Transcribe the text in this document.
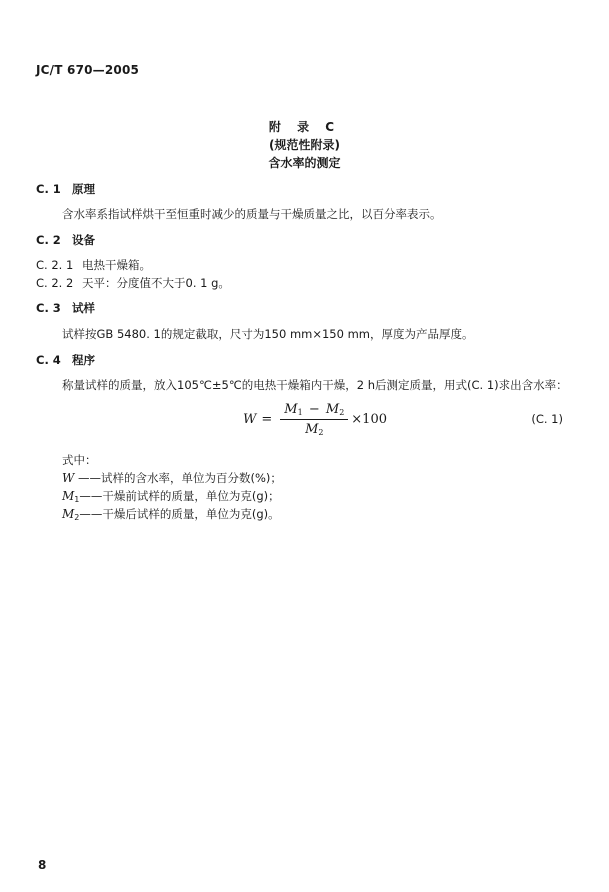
JC/T 670—2005
附 录 C
(规范性附录)
含水率的测定
C. 1 原理
含水率系指试样烘干至恒重时减少的质量与干燥质量之比，以百分率表示。
C. 2 设备
C. 2. 1 电热干燥箱。
C. 2. 2 天平：分度值不大于0. 1 g。
C. 3 试样
试样按GB 5480. 1的规定截取，尺寸为150 mm×150 mm，厚度为产品厚度。
C. 4 程序
称量试样的质量，放入105℃±5℃的电热干燥箱内干燥，2 h后测定质量，用式(C. 1)求出含水率：
$W = \frac{M_1 - M_2}{M_2} \times 100$	(C. 1)
式中：
W ——试样的含水率，单位为百分数(%)；
$M_1——$干燥前试样的质量，单位为克(g)；
$M_2——$干燥后试样的质量，单位为克(g)。
8
